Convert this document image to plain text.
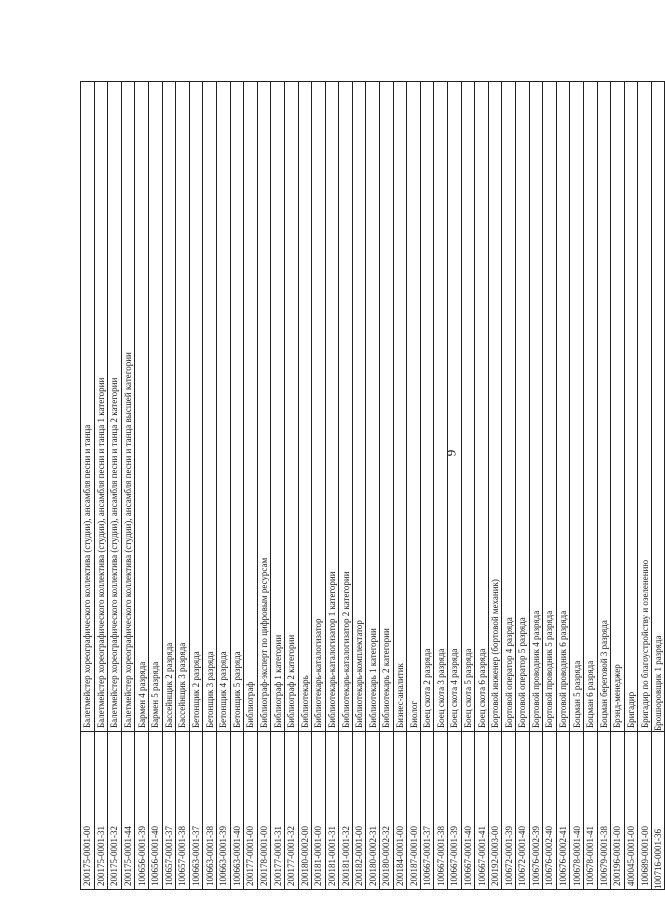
9
200175-0001-00	Балетмейстер хореографического коллектива (студии), ансамбля песни и танца
200175-0001-31	Балетмейстер хореографического коллектива (студии), ансамбля песни и танца 1 категории
200175-0001-32	Балетмейстер хореографического коллектива (студии), ансамбля песни и танца 2 категории
200175-0001-44	Балетмейстер хореографического коллектива (студии), ансамбля песни и танца высшей категории
100656-0001-39	Бармен 4 разряда
100656-0001-40	Бармен 5 разряда
100657-0001-37	Бассейнщик 2 разряда
100657-0001-38	Бассейнщик 3 разряда
100663-0001-37	Бетонщик 2 разряда
100663-0001-38	Бетонщик 3 разряда
100663-0001-39	Бетонщик 4 разряда
100663-0001-40	Бетонщик 5 разряда
200177-0001-00	Библиограф
200178-0001-00	Библиограф-эксперт по цифровым ресурсам
200177-0001-31	Библиограф 1 категории
200177-0001-32	Библиограф 2 категории
200180-0002-00	Библиотекарь
200181-0001-00	Библиотекарь-каталогизатор
200181-0001-31	Библиотекарь-каталогизатор 1 категории
200181-0001-32	Библиотекарь-каталогизатор 2 категории
200182-0001-00	Библиотекарь-комплектатор
200180-0002-31	Библиотекарь 1 категории
200180-0002-32	Библиотекарь 2 категории
200184-0001-00	Бизнес-аналитик
200187-0001-00	Биолог
100667-0001-37	Боец скота 2 разряда
100667-0001-38	Боец скота 3 разряда
100667-0001-39	Боец скота 4 разряда
100667-0001-40	Боец скота 5 разряда
100667-0001-41	Боец скота 6 разряда
200192-0003-00	Бортовой инженер (бортовой механик)
100672-0001-39	Бортовой оператор 4 разряда
100672-0001-40	Бортовой оператор 5 разряда
100676-0002-39	Бортовой проводник 4 разряда
100676-0002-40	Бортовой проводник 5 разряда
100676-0002-41	Бортовой проводник 6 разряда
100678-0001-40	Боцман 5 разряда
100678-0001-41	Боцман 6 разряда
100679-0001-38	Боцман береговой 3 разряда
200196-0001-00	Брэнд-менеджер
400045-0001-00	Бригадир
100689-0001-00	Бригадир по благоустройству и озеленению
100716-0001-36	Брошюровщик 1 разряда
